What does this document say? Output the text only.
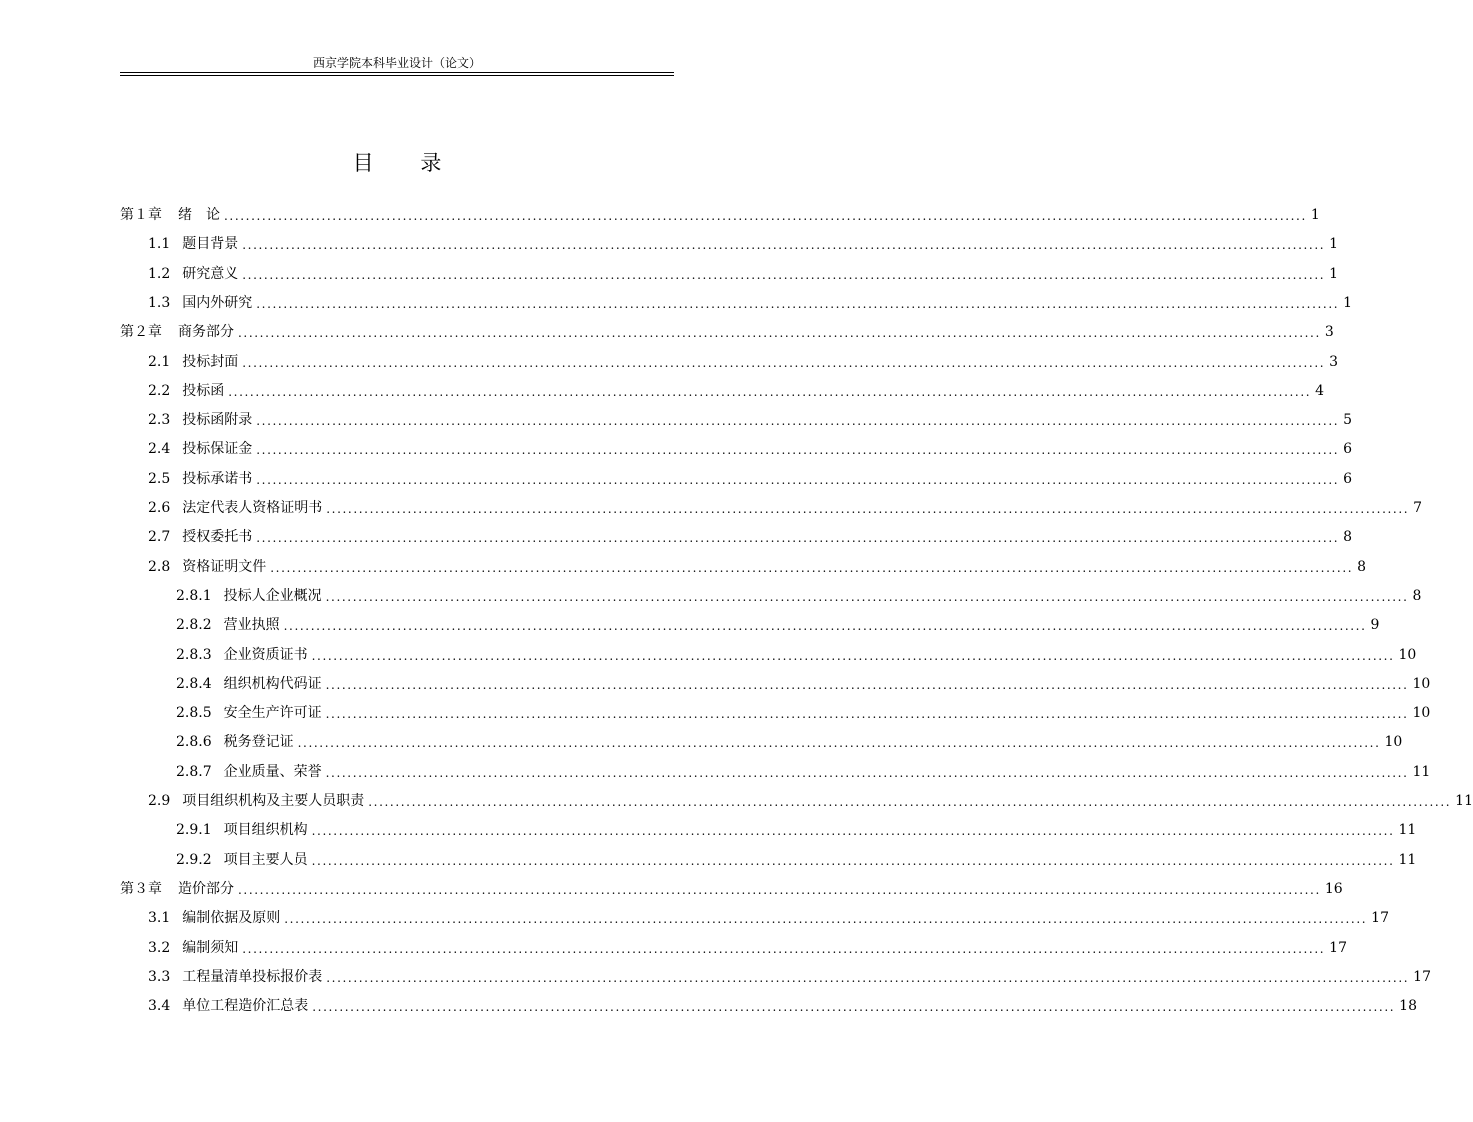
西京学院本科毕业设计（论文）
目 录
第１章 绪　论 ........................................................................................................................................................................................................ 1
1.1 题目背景 ........................................................................................................................................................................................................ 1
1.2 研究意义 ........................................................................................................................................................................................................ 1
1.3 国内外研究 ........................................................................................................................................................................................................ 1
第２章 商务部分 ........................................................................................................................................................................................................ 3
2.1 投标封面 ........................................................................................................................................................................................................ 3
2.2 投标函 ........................................................................................................................................................................................................ 4
2.3 投标函附录 ........................................................................................................................................................................................................ 5
2.4 投标保证金 ........................................................................................................................................................................................................ 6
2.5 投标承诺书 ........................................................................................................................................................................................................ 6
2.6 法定代表人资格证明书 ........................................................................................................................................................................................................ 7
2.7 授权委托书 ........................................................................................................................................................................................................ 8
2.8 资格证明文件 ........................................................................................................................................................................................................ 8
2.8.1 投标人企业概况 ........................................................................................................................................................................................................ 8
2.8.2 营业执照 ........................................................................................................................................................................................................ 9
2.8.3 企业资质证书 ........................................................................................................................................................................................................ 10
2.8.4 组织机构代码证 ........................................................................................................................................................................................................ 10
2.8.5 安全生产许可证 ........................................................................................................................................................................................................ 10
2.8.6 税务登记证 ........................................................................................................................................................................................................ 10
2.8.7 企业质量、荣誉 ........................................................................................................................................................................................................ 11
2.9 项目组织机构及主要人员职责 ........................................................................................................................................................................................................ 11
2.9.1 项目组织机构 ........................................................................................................................................................................................................ 11
2.9.2 项目主要人员 ........................................................................................................................................................................................................ 11
第３章 造价部分 ........................................................................................................................................................................................................ 16
3.1 编制依据及原则 ........................................................................................................................................................................................................ 17
3.2 编制须知 ........................................................................................................................................................................................................ 17
3.3 工程量清单投标报价表 ........................................................................................................................................................................................................ 17
3.4 单位工程造价汇总表 ........................................................................................................................................................................................................ 18
